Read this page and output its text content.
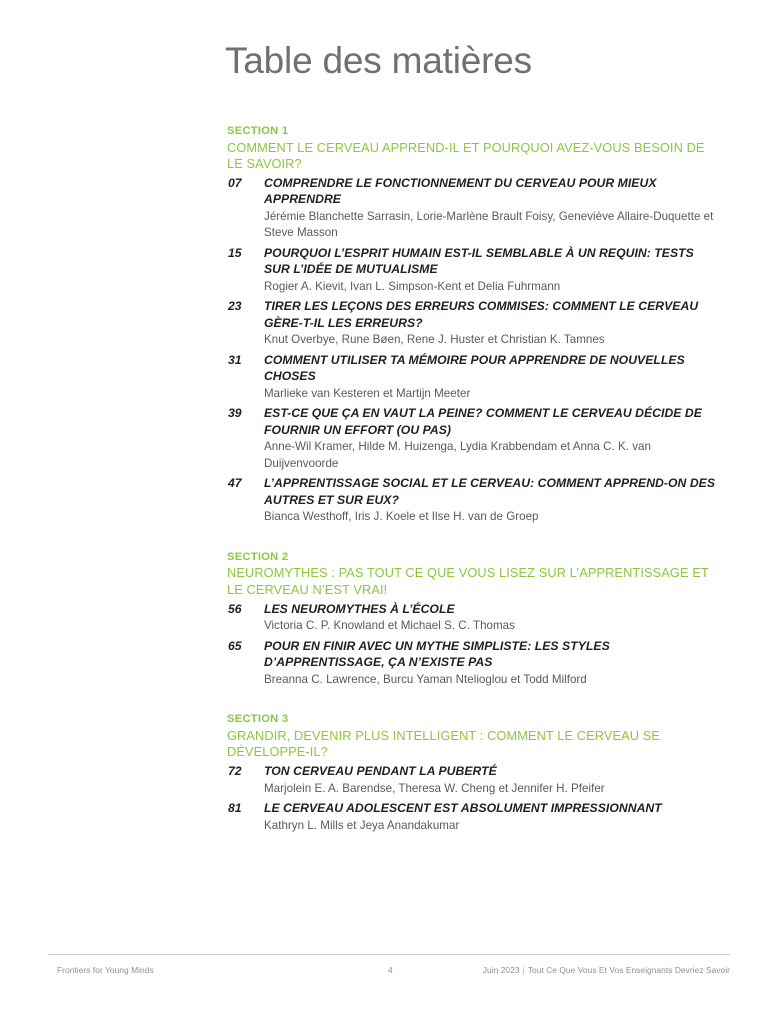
Table des matières
SECTION 1
COMMENT LE CERVEAU APPREND-IL ET POURQUOI AVEZ-VOUS BESOIN DE LE SAVOIR?
07	COMPRENDRE LE FONCTIONNEMENT DU CERVEAU POUR MIEUX APPRENDRE
Jérémie Blanchette Sarrasin, Lorie-Marlène Brault Foisy, Geneviève Allaire-Duquette et Steve Masson
15	POURQUOI L’ESPRIT HUMAIN EST-IL SEMBLABLE À UN REQUIN: TESTS SUR L’IDÉE DE MUTUALISME
Rogier A. Kievit, Ivan L. Simpson-Kent et Delia Fuhrmann
23	TIRER LES LEÇONS DES ERREURS COMMISES: COMMENT LE CERVEAU GÈRE-T-IL LES ERREURS?
Knut Overbye, Rune Bøen, Rene J. Huster et Christian K. Tamnes
31	COMMENT UTILISER TA MÉMOIRE POUR APPRENDRE DE NOUVELLES CHOSES
Marlieke van Kesteren et Martijn Meeter
39	EST-CE QUE ÇA EN VAUT LA PEINE? COMMENT LE CERVEAU DÉCIDE DE FOURNIR UN EFFORT (OU PAS)
Anne-Wil Kramer, Hilde M. Huizenga, Lydia Krabbendam et Anna C. K. van Duijvenvoorde
47	L’APPRENTISSAGE SOCIAL ET LE CERVEAU: COMMENT APPREND-ON DES AUTRES ET SUR EUX?
Bianca Westhoff, Iris J. Koele et Ilse H. van de Groep
SECTION 2
NEUROMYTHES : PAS TOUT CE QUE VOUS LISEZ SUR L’APPRENTISSAGE ET LE CERVEAU N’EST VRAI!
56	LES NEUROMYTHES À L’ÉCOLE
Victoria C. P. Knowland et Michael S. C. Thomas
65	POUR EN FINIR AVEC UN MYTHE SIMPLISTE: LES STYLES D’APPRENTISSAGE, ÇA N’EXISTE PAS
Breanna C. Lawrence, Burcu Yaman Ntelioglou et Todd Milford
SECTION 3
GRANDIR, DEVENIR PLUS INTELLIGENT : COMMENT LE CERVEAU SE DÉVELOPPE-IL?
72	TON CERVEAU PENDANT LA PUBERTÉ
Marjolein E. A. Barendse, Theresa W. Cheng et Jennifer H. Pfeifer
81	LE CERVEAU ADOLESCENT EST ABSOLUMENT IMPRESSIONNANT
Kathryn L. Mills et Jeya Anandakumar
Frontiers for Young Minds	4	Juin 2023 | Tout Ce Que Vous Et Vos Enseignants Devriez Savoir
